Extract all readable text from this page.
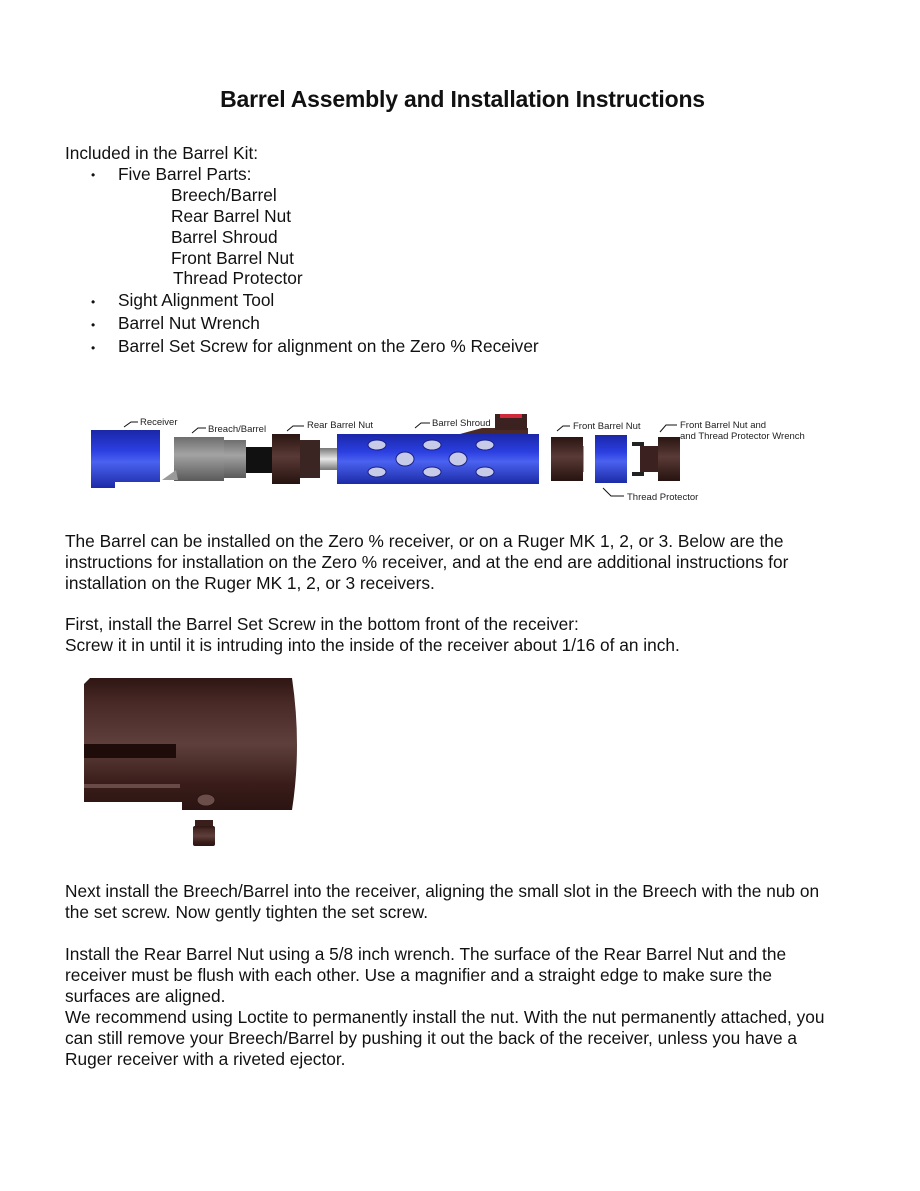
Barrel Assembly and Installation Instructions
Included in the Barrel Kit:
• Five Barrel Parts:
Breech/Barrel
Rear Barrel Nut
Barrel Shroud
Front Barrel Nut
Thread Protector
• Sight Alignment Tool
• Barrel Nut Wrench
• Barrel Set Screw for alignment on the Zero % Receiver
Receiver
Breach/Barrel	Rear Barrel Nut	Barrel Shroud	Front Barrel Nut	Front Barrel Nut and
and Thread Protector Wrench
Thread Protector
The Barrel can be installed on the Zero % receiver, or on a Ruger MK 1, 2, or 3. Below are the
instructions for installation on the Zero % receiver, and at the end are additional instructions for
installation on the Ruger MK 1, 2, or 3 receivers.
First, install the Barrel Set Screw in the bottom front of the receiver:
Screw it in until it is intruding into the inside of the receiver about 1/16 of an inch.
Next install the Breech/Barrel into the receiver, aligning the small slot in the Breech with the nub on
the set screw. Now gently tighten the set screw.
Install the Rear Barrel Nut using a 5/8 inch wrench. The surface of the Rear Barrel Nut and the
receiver must be flush with each other. Use a magnifier and a straight edge to make sure the
surfaces are aligned.
We recommend using Loctite to permanently install the nut. With the nut permanently attached, you
can still remove your Breech/Barrel by pushing it out the back of the receiver, unless you have a
Ruger receiver with a riveted ejector.
